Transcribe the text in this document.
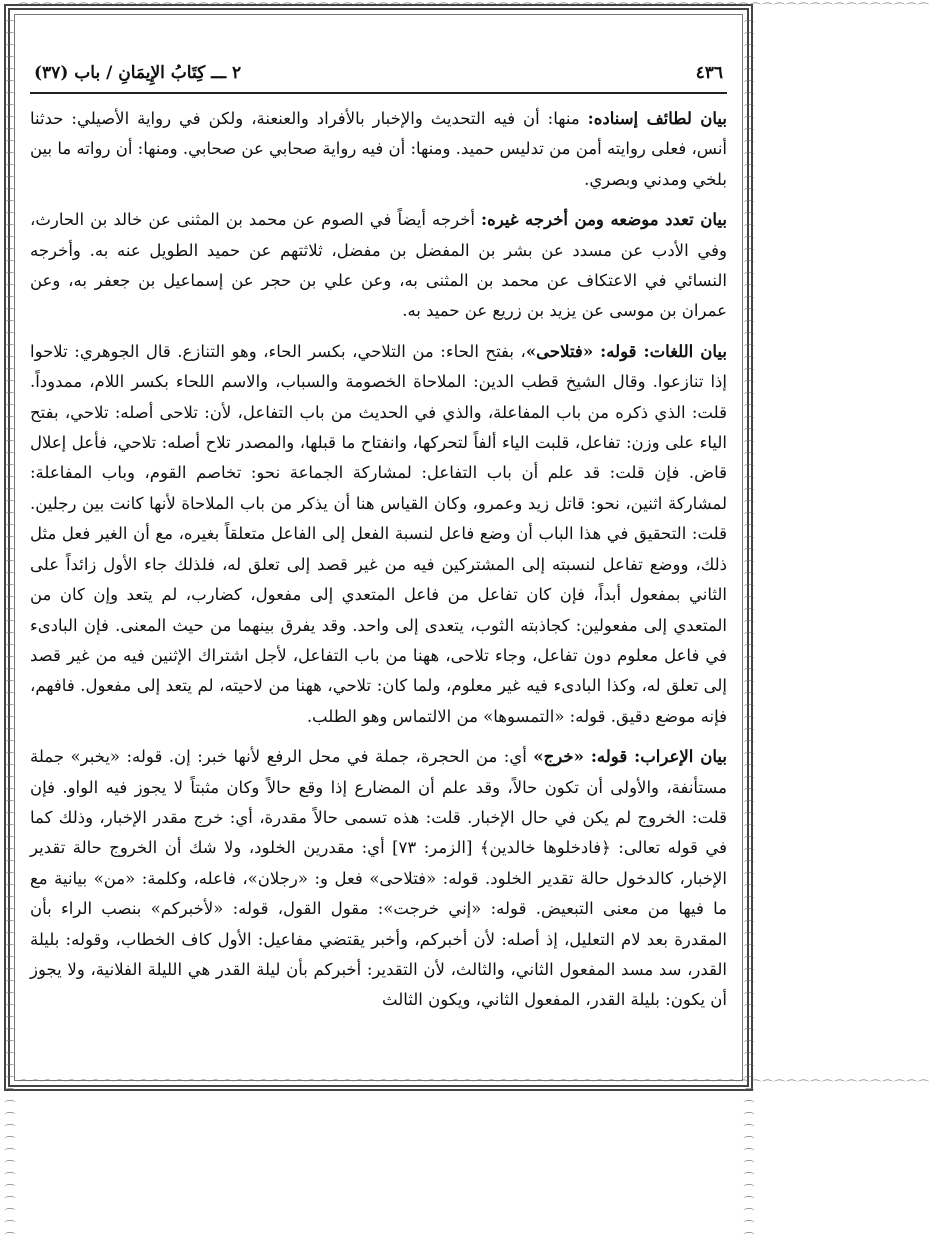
⌒⌒⌒⌒⌒⌒⌒⌒⌒⌒⌒⌒⌒⌒⌒⌒⌒⌒⌒⌒⌒⌒⌒⌒⌒⌒⌒⌒⌒⌒⌒⌒⌒⌒⌒⌒⌒⌒⌒⌒⌒⌒⌒⌒⌒⌒⌒⌒⌒⌒⌒⌒⌒⌒⌒⌒⌒⌒⌒⌒⌒⌒⌒⌒⌒⌒⌒⌒⌒⌒⌒⌒⌒⌒⌒⌒
⌒⌒⌒⌒⌒⌒⌒⌒⌒⌒⌒⌒⌒⌒⌒⌒⌒⌒⌒⌒⌒⌒⌒⌒⌒⌒⌒⌒⌒⌒⌒⌒⌒⌒⌒⌒⌒⌒⌒⌒⌒⌒⌒⌒⌒⌒⌒⌒⌒⌒⌒⌒⌒⌒⌒⌒⌒⌒⌒⌒⌒⌒⌒⌒⌒⌒⌒⌒⌒⌒⌒⌒⌒⌒⌒⌒
⌒⌒⌒⌒⌒⌒⌒⌒⌒⌒⌒⌒⌒⌒⌒⌒⌒⌒⌒⌒⌒⌒⌒⌒⌒⌒⌒⌒⌒⌒⌒⌒⌒⌒⌒⌒⌒⌒⌒⌒⌒⌒⌒⌒⌒⌒⌒⌒⌒⌒⌒⌒⌒⌒⌒⌒⌒⌒⌒⌒⌒⌒⌒⌒⌒⌒⌒⌒⌒⌒⌒⌒⌒⌒⌒⌒⌒⌒⌒⌒⌒⌒⌒⌒⌒⌒⌒⌒⌒⌒⌒⌒⌒⌒⌒⌒⌒⌒⌒⌒⌒⌒	⌒⌒⌒⌒⌒⌒⌒⌒⌒⌒⌒⌒⌒⌒⌒⌒⌒⌒⌒⌒⌒⌒⌒⌒⌒⌒⌒⌒⌒⌒⌒⌒⌒⌒⌒⌒⌒⌒⌒⌒⌒⌒⌒⌒⌒⌒⌒⌒⌒⌒⌒⌒⌒⌒⌒⌒⌒⌒⌒⌒⌒⌒⌒⌒⌒⌒⌒⌒⌒⌒⌒⌒⌒⌒⌒⌒⌒⌒⌒⌒⌒⌒⌒⌒⌒⌒⌒⌒⌒⌒⌒⌒⌒⌒⌒⌒⌒⌒⌒⌒⌒⌒
٤٣٦
٢ ـــ كِتَابُ الإِيمَانِ / باب (٣٧)

بيان لطائف إسناده: منها: أن فيه التحديث والإخبار بالأفراد والعنعنة، ولكن في رواية الأصيلي: حدثنا أنس، فعلى روايته أمن من تدليس حميد. ومنها: أن فيه رواية صحابي عن صحابي. ومنها: أن رواته ما بين بلخي ومدني وبصري.

بيان تعدد موضعه ومن أخرجه غيره: أخرجه أيضاً في الصوم عن محمد بن المثنى عن خالد بن الحارث، وفي الأدب عن مسدد عن بشر بن المفضل بن مفضل، ثلاثتهم عن حميد الطويل عنه به. وأخرجه النسائي في الاعتكاف عن محمد بن المثنى به، وعن علي بن حجر عن إسماعيل بن جعفر به، وعن عمران بن موسى عن يزيد بن زريع عن حميد به.

بيان اللغات: قوله: «فتلاحى»، بفتح الحاء: من التلاحي، بكسر الحاء، وهو التنازع. قال الجوهري: تلاحوا إذا تنازعوا. وقال الشيخ قطب الدين: الملاحاة الخصومة والسباب، والاسم اللحاء بكسر اللام، ممدوداً. قلت: الذي ذكره من باب المفاعلة، والذي في الحديث من باب التفاعل، لأن: تلاحى أصله: تلاحي، بفتح الياء على وزن: تفاعل، قلبت الياء ألفاً لتحركها، وانفتاح ما قبلها، والمصدر تلاح أصله: تلاحي، فأعل إعلال قاض. فإن قلت: قد علم أن باب التفاعل: لمشاركة الجماعة نحو: تخاصم القوم، وباب المفاعلة: لمشاركة اثنين، نحو: قاتل زيد وعمرو، وكان القياس هنا أن يذكر من باب الملاحاة لأنها كانت بين رجلين. قلت: التحقيق في هذا الباب أن وضع فاعل لنسبة الفعل إلى الفاعل متعلقاً بغيره، مع أن الغير فعل مثل ذلك، ووضع تفاعل لنسبته إلى المشتركين فيه من غير قصد إلى تعلق له، فلذلك جاء الأول زائداً على الثاني بمفعول أبداً، فإن كان تفاعل من فاعل المتعدي إلى مفعول، كضارب، لم يتعد وإن كان من المتعدي إلى مفعولين: كجاذبته الثوب، يتعدى إلى واحد. وقد يفرق بينهما من حيث المعنى. فإن البادىء في فاعل معلوم دون تفاعل، وجاء تلاحى، ههنا من باب التفاعل، لأجل اشتراك الإثنين فيه من غير قصد إلى تعلق له، وكذا البادىء فيه غير معلوم، ولما كان: تلاحي، ههنا من لاحيته، لم يتعد إلى مفعول. فافهم، فإنه موضع دقيق. قوله: «التمسوها» من الالتماس وهو الطلب.

بيان الإعراب: قوله: «خرج» أي: من الحجرة، جملة في محل الرفع لأنها خبر: إن. قوله: «يخبر» جملة مستأنفة، والأولى أن تكون حالاً، وقد علم أن المضارع إذا وقع حالاً وكان مثبتاً لا يجوز فيه الواو. فإن قلت: الخروج لم يكن في حال الإخبار. قلت: هذه تسمى حالاً مقدرة، أي: خرج مقدر الإخبار، وذلك كما في قوله تعالى: ﴿فادخلوها خالدين﴾ [الزمر: ٧٣] أي: مقدرين الخلود، ولا شك أن الخروج حالة تقدير الإخبار، كالدخول حالة تقدير الخلود. قوله: «فتلاحى» فعل و: «رجلان»، فاعله، وكلمة: «من» بيانية مع ما فيها من معنى التبعيض. قوله: «إني خرجت»: مقول القول، قوله: «لأخبركم» بنصب الراء بأن المقدرة بعد لام التعليل، إذ أصله: لأن أخبركم، وأخبر يقتضي مفاعيل: الأول كاف الخطاب، وقوله: بليلة القدر، سد مسد المفعول الثاني، والثالث، لأن التقدير: أخبركم بأن ليلة القدر هي الليلة الفلانية، ولا يجوز أن يكون: بليلة القدر، المفعول الثاني، ويكون الثالث
